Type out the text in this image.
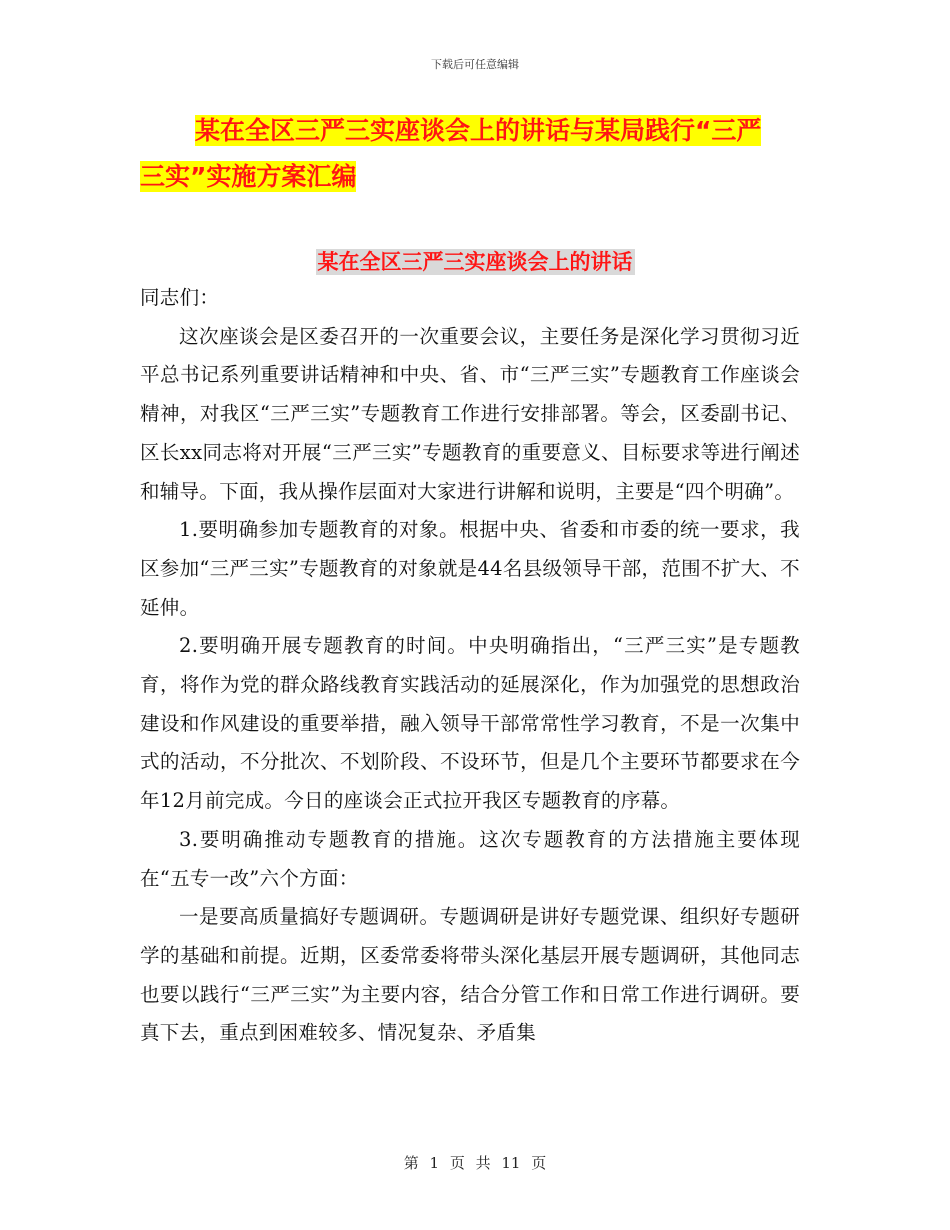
下载后可任意编辑
某在全区三严三实座谈会上的讲话与某局践行“三严
三实”实施方案汇编
某在全区三严三实座谈会上的讲话

同志们：

这次座谈会是区委召开的一次重要会议，主要任务是深化学习贯彻习近平总书记系列重要讲话精神和中央、省、市“三严三实”专题教育工作座谈会精神，对我区“三严三实”专题教育工作进行安排部署。等会，区委副书记、区长xx同志将对开展“三严三实”专题教育的重要意义、目标要求等进行阐述和辅导。下面，我从操作层面对大家进行讲解和说明，主要是“四个明确”。

1.要明确参加专题教育的对象。根据中央、省委和市委的统一要求，我区参加“三严三实”专题教育的对象就是44名县级领导干部，范围不扩大、不延伸。

2.要明确开展专题教育的时间。中央明确指出，“三严三实”是专题教育，将作为党的群众路线教育实践活动的延展深化，作为加强党的思想政治建设和作风建设的重要举措，融入领导干部常常性学习教育，不是一次集中式的活动，不分批次、不划阶段、不设环节，但是几个主要环节都要求在今年12月前完成。今日的座谈会正式拉开我区专题教育的序幕。

3.要明确推动专题教育的措施。这次专题教育的方法措施主要体现在“五专一改”六个方面：

一是要高质量搞好专题调研。专题调研是讲好专题党课、组织好专题研学的基础和前提。近期，区委常委将带头深化基层开展专题调研，其他同志也要以践行“三严三实”为主要内容，结合分管工作和日常工作进行调研。要真下去，重点到困难较多、情况复杂、矛盾集

第 1 页 共 11 页
